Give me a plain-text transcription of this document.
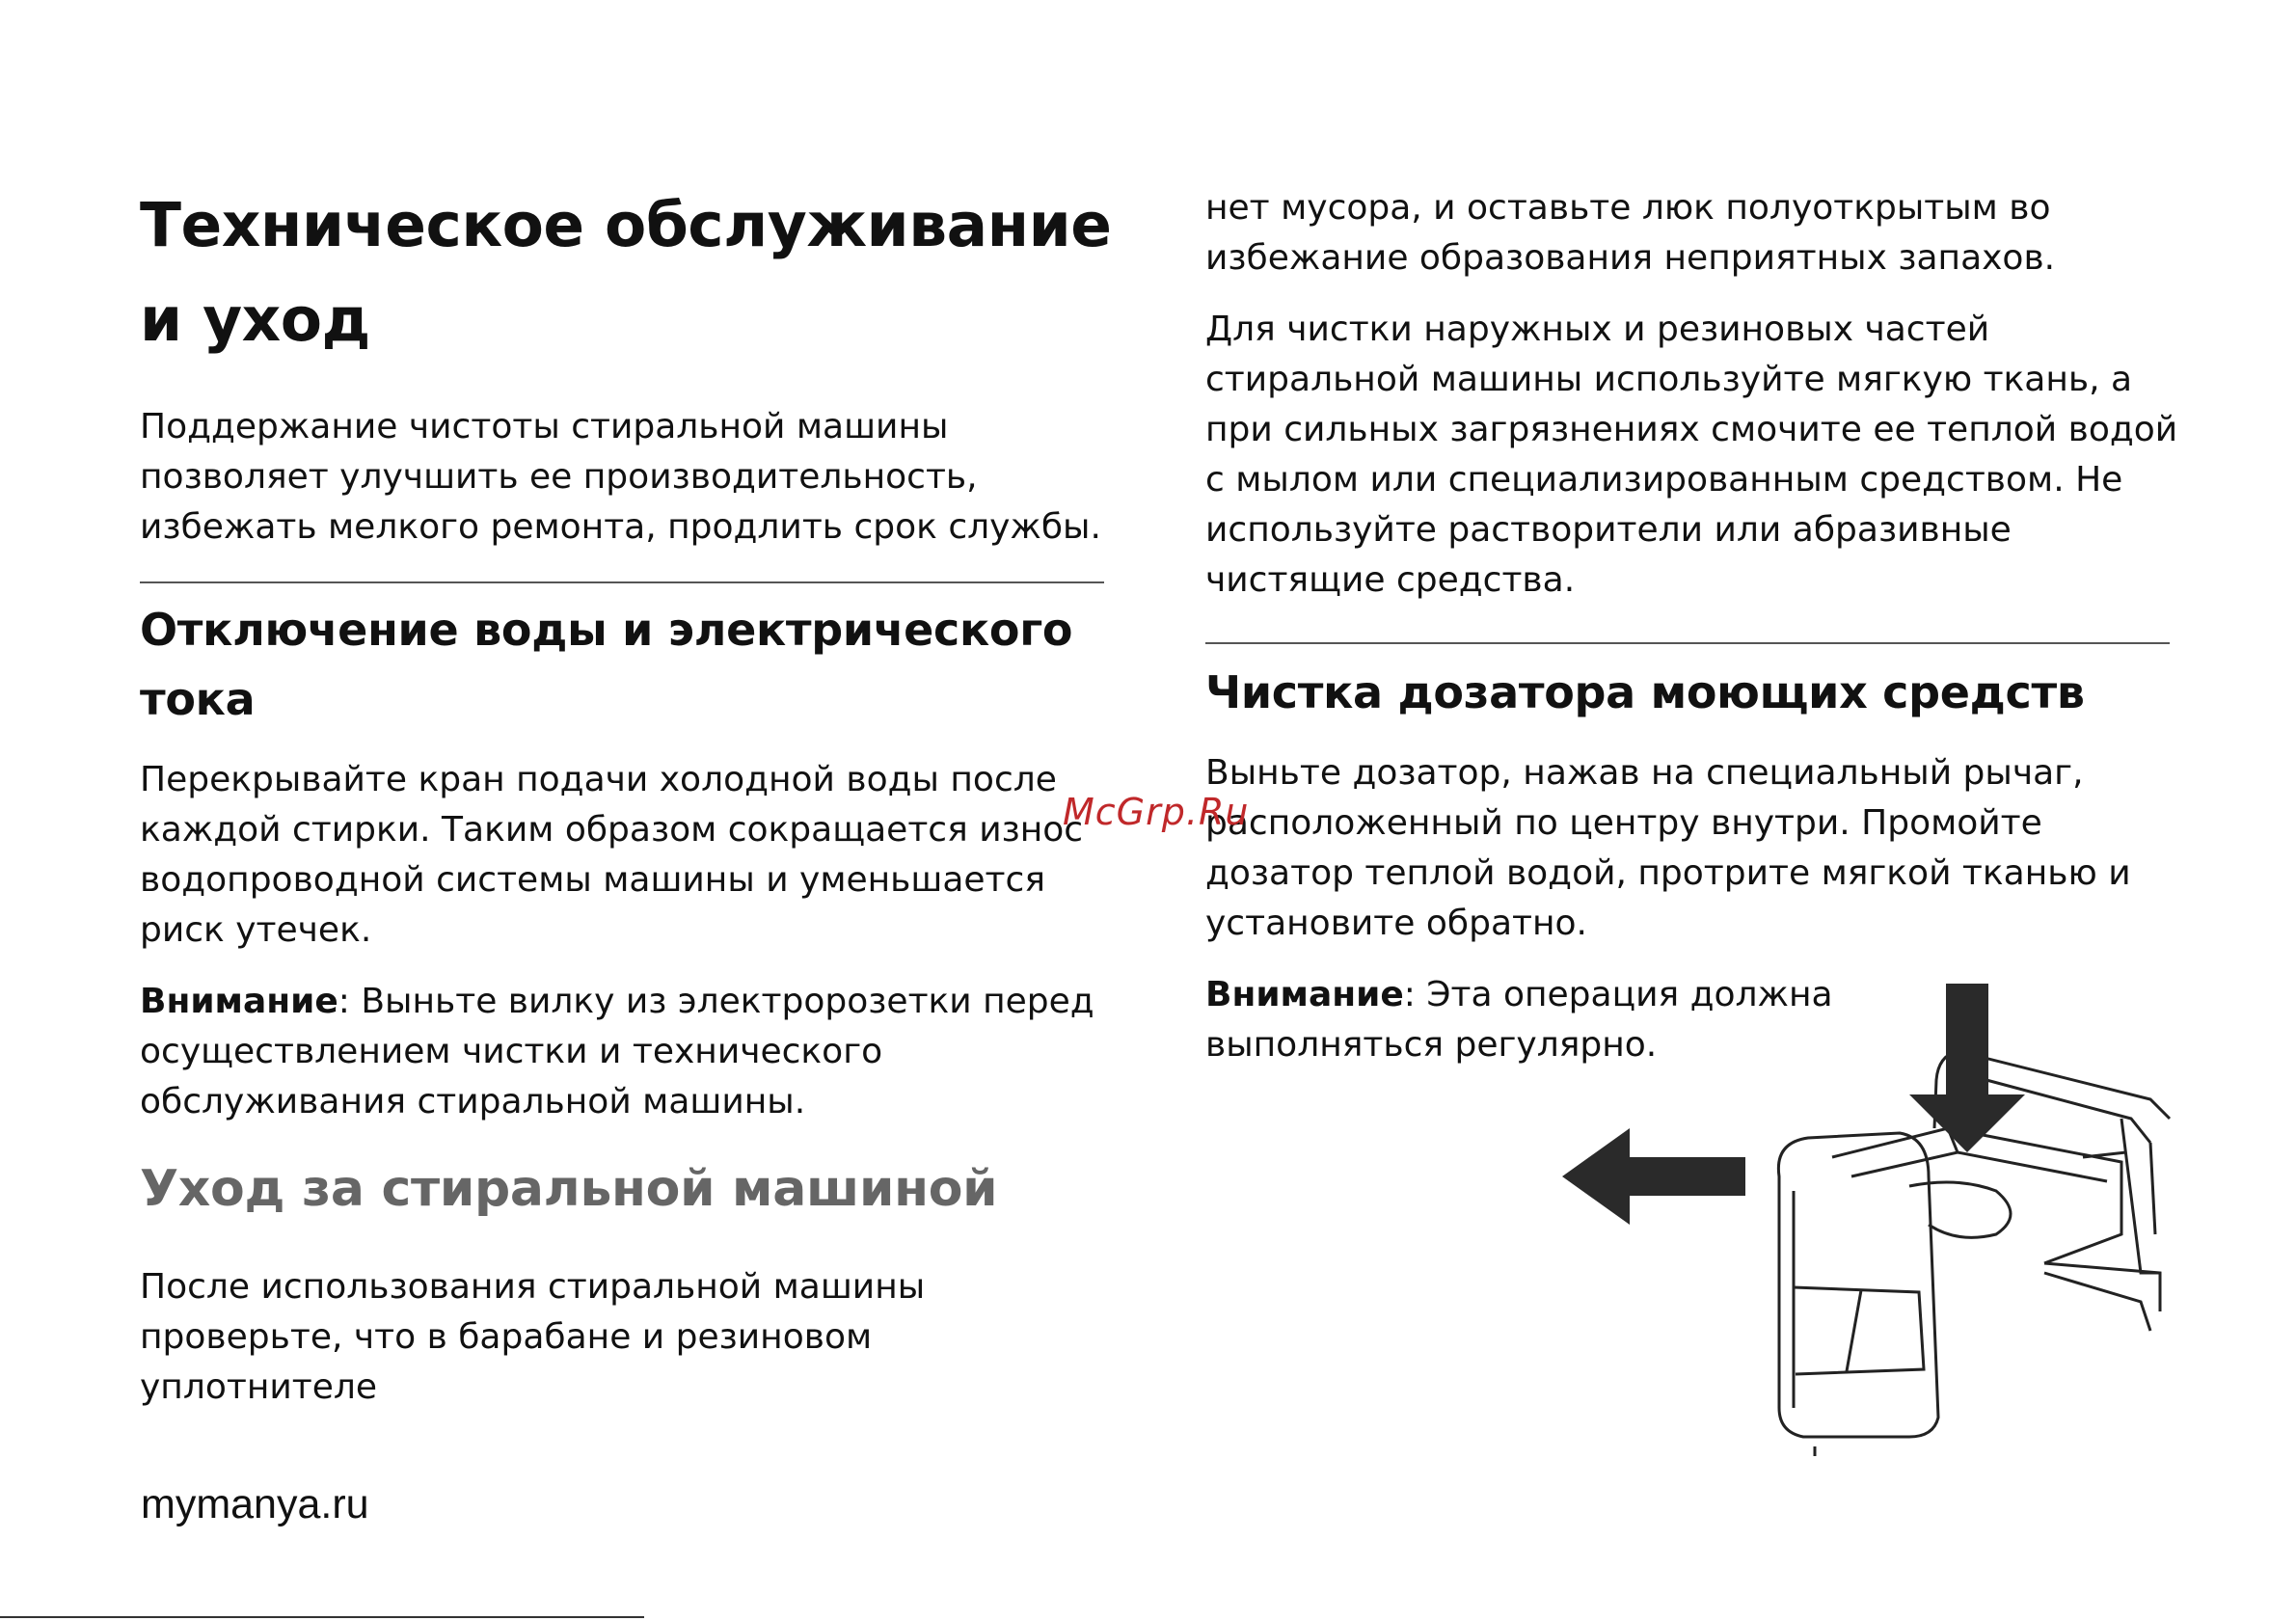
Техническое обслуживание
и уход

Поддержание чистоты стиральной машины позволяет улучшить ее производительность, избежать мелкого ремонта, продлить срок службы.

Отключение воды и электрического тока

Перекрывайте кран подачи холодной воды после каждой стирки. Таким образом сокращается износ водопроводной системы машины и уменьшается риск утечек.

Внимание: Выньте вилку из электророзетки перед осуществлением чистки и технического обслуживания стиральной машины.

Уход за стиральной машиной

После использования стиральной машины проверьте, что в барабане и резиновом уплотнителе

нет мусора, и оставьте люк полуоткрытым во избежание образования неприятных запахов.

Для чистки наружных и резиновых частей стиральной машины используйте мягкую ткань, а при сильных загрязнениях смочите ее теплой водой с мылом или специализированным средством. Не используйте растворители или абразивные чистящие средства.

Чистка дозатора моющих средств

Выньте дозатор, нажав на специальный рычаг, расположенный по центру внутри. Промойте дозатор теплой водой, протрите мягкой тканью и установите обратно.

Внимание: Эта операция должна выполняться регулярно.

McGrp.Ru
mymanya.ru
